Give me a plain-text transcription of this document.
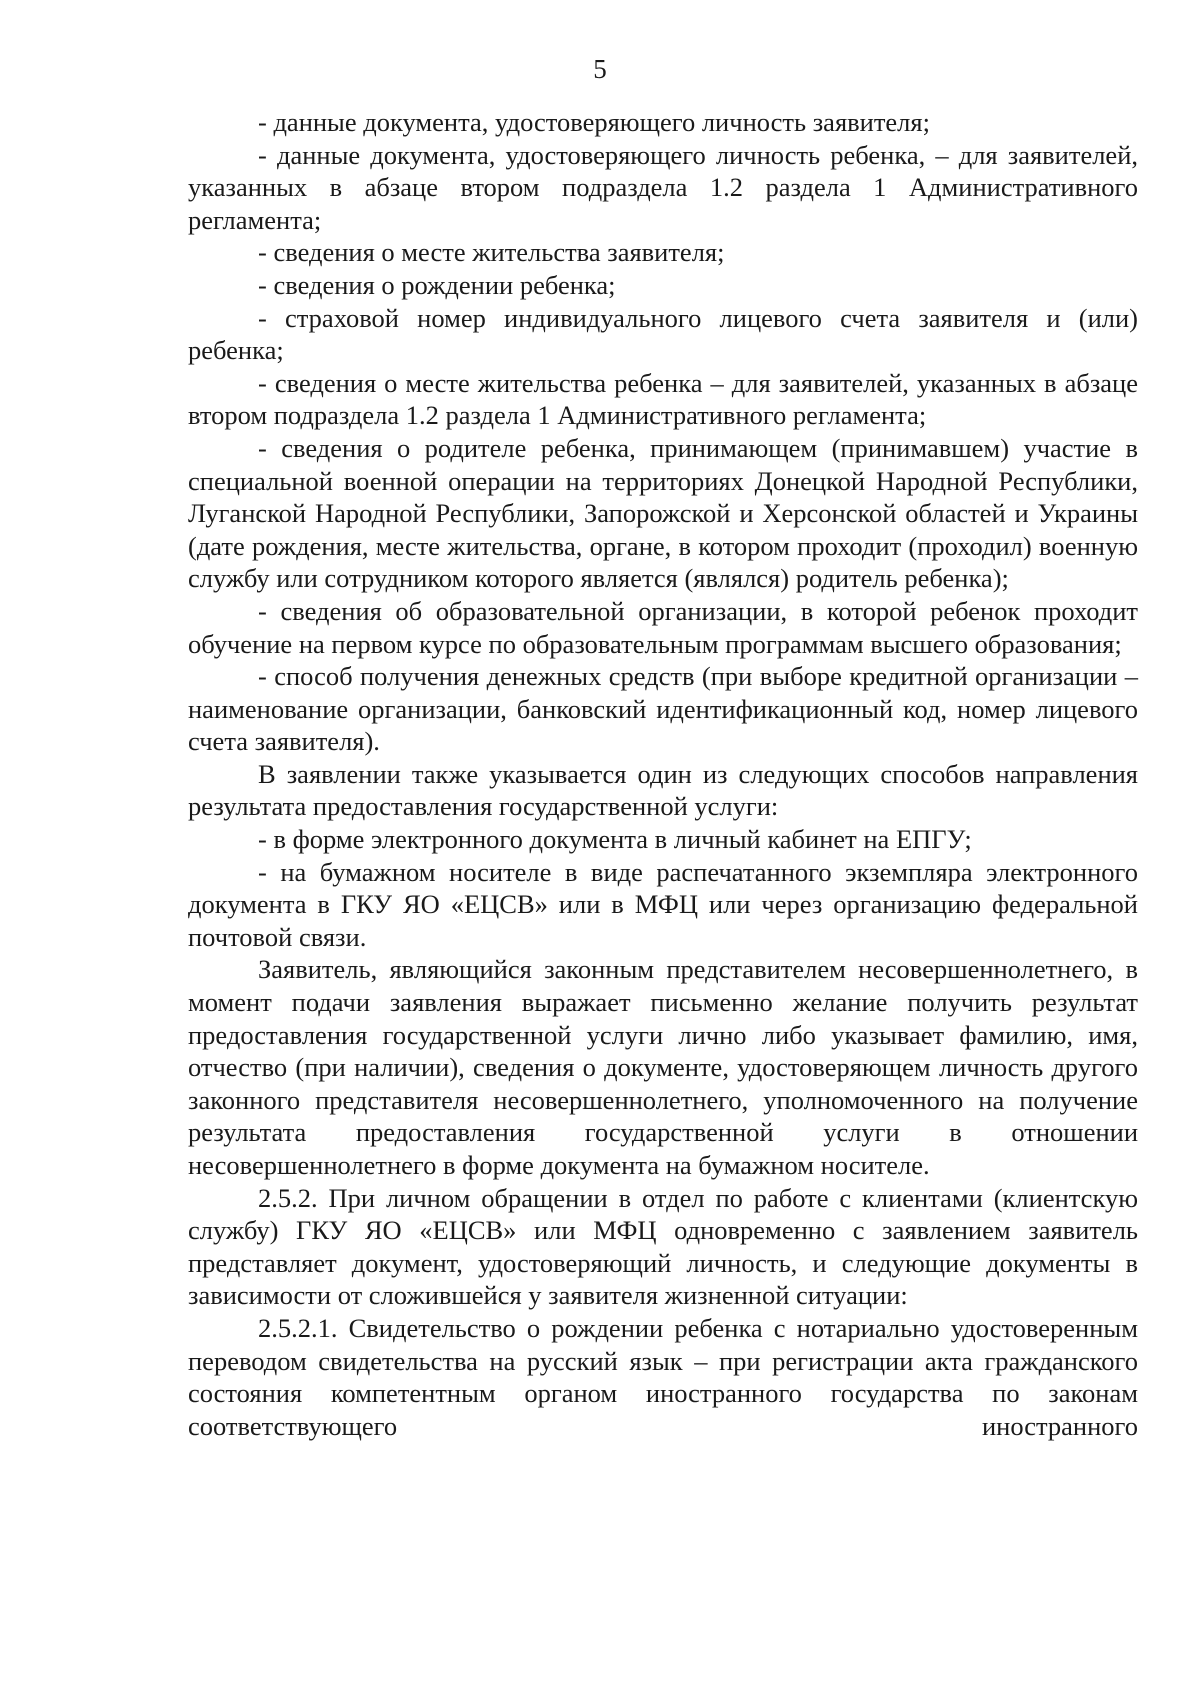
5

- данные документа, удостоверяющего личность заявителя;

- данные документа, удостоверяющего личность ребенка, – для заявителей, указанных в абзаце втором подраздела 1.2 раздела 1 Административного регламента;

- сведения о месте жительства заявителя;

- сведения о рождении ребенка;

- страховой номер индивидуального лицевого счета заявителя и (или) ребенка;

- сведения о месте жительства ребенка – для заявителей, указанных в абзаце втором подраздела 1.2 раздела 1 Административного регламента;

- сведения о родителе ребенка, принимающем (принимавшем) участие в специальной военной операции на территориях Донецкой Народной Республики, Луганской Народной Республики, Запорожской и Херсонской областей и Украины (дате рождения, месте жительства, органе, в котором проходит (проходил) военную службу или сотрудником которого является (являлся) родитель ребенка);

- сведения об образовательной организации, в которой ребенок проходит обучение на первом курсе по образовательным программам высшего образования;

- способ получения денежных средств (при выборе кредитной организации – наименование организации, банковский идентификационный код, номер лицевого счета заявителя).

В заявлении также указывается один из следующих способов направления результата предоставления государственной услуги:

- в форме электронного документа в личный кабинет на ЕПГУ;

- на бумажном носителе в виде распечатанного экземпляра электронного документа в ГКУ ЯО «ЕЦСВ» или в МФЦ или через организацию федеральной почтовой связи.

Заявитель, являющийся законным представителем несовершеннолетнего, в момент подачи заявления выражает письменно желание получить результат предоставления государственной услуги лично либо указывает фамилию, имя, отчество (при наличии), сведения о документе, удостоверяющем личность другого законного представителя несовершеннолетнего, уполномоченного на получение результата предоставления государственной услуги в отношении несовершеннолетнего в форме документа на бумажном носителе.

2.5.2. При личном обращении в отдел по работе с клиентами (клиентскую службу) ГКУ ЯО «ЕЦСВ» или МФЦ одновременно с заявлением заявитель представляет документ, удостоверяющий личность, и следующие документы в зависимости от сложившейся у заявителя жизненной ситуации:

2.5.2.1. Свидетельство о рождении ребенка с нотариально удостоверенным переводом свидетельства на русский язык – при регистрации акта гражданского состояния компетентным органом иностранного государства по законам соответствующего иностранного
